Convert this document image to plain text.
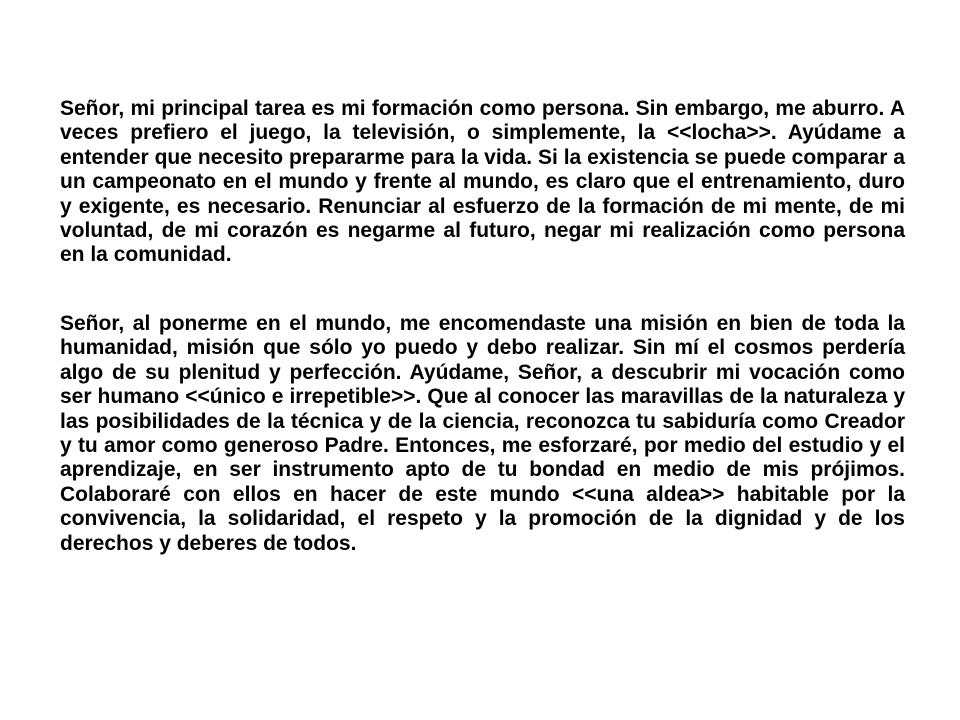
Señor, mi principal tarea es mi formación como persona. Sin embargo, me aburro. A veces prefiero el juego, la televisión, o simplemente, la <<locha>>. Ayúdame a entender que necesito prepararme para la vida. Si la existencia se puede comparar a un campeonato en el mundo y frente al mundo, es claro que el entrenamiento, duro y exigente, es necesario. Renunciar al esfuerzo de la formación de mi mente, de mi voluntad, de mi corazón es negarme al futuro, negar mi realización como persona en la comunidad.

Señor, al ponerme en el mundo, me encomendaste una misión en bien de toda la humanidad, misión que sólo yo puedo y debo realizar. Sin mí el cosmos perdería algo de su plenitud y perfección. Ayúdame, Señor, a descubrir mi vocación como ser humano <<único e irrepetible>>. Que al conocer las maravillas de la naturaleza y las posibilidades de la técnica y de la ciencia, reconozca tu sabiduría como Creador y tu amor como generoso Padre. Entonces, me esforzaré, por medio del estudio y el aprendizaje, en ser instrumento apto de tu bondad en medio de mis prójimos. Colaboraré con ellos en hacer de este mundo <<una aldea>> habitable por la convivencia, la solidaridad, el respeto y la promoción de la dignidad y de los derechos y deberes de todos.
